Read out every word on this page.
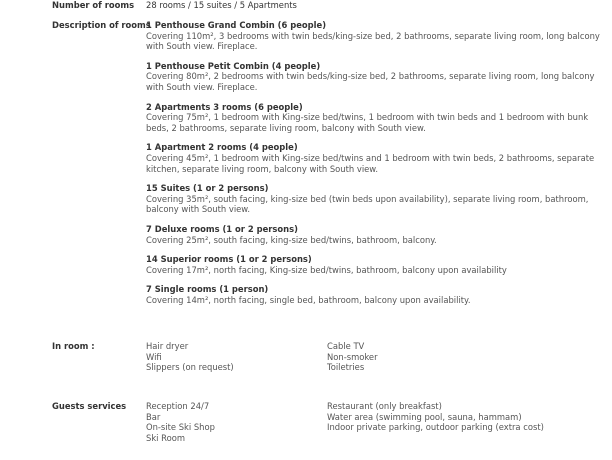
Number of rooms 28 rooms / 15 suites / 5 Apartments
Description of rooms
1 Penthouse Grand Combin (6 people)
Covering 110m², 3 bedrooms with twin beds/king-size bed, 2 bathrooms, separate living room, long balcony with South view. Fireplace.
1 Penthouse Petit Combin (4 people)
Covering 80m², 2 bedrooms with twin beds/king-size bed, 2 bathrooms, separate living room, long balcony with South view. Fireplace.
2 Apartments 3 rooms (6 people)
Covering 75m², 1 bedroom with King-size bed/twins, 1 bedroom with twin beds and 1 bedroom with bunk beds, 2 bathrooms, separate living room, balcony with South view.
1 Apartment 2 rooms (4 people)
Covering 45m², 1 bedroom with King-size bed/twins and 1 bedroom with twin beds, 2 bathrooms, separate kitchen, separate living room, balcony with South view.
15 Suites (1 or 2 persons)
Covering 35m², south facing, king-size bed (twin beds upon availability), separate living room, bathroom, balcony with South view.
7 Deluxe rooms (1 or 2 persons)
Covering 25m², south facing, king-size bed/twins, bathroom, balcony.
14 Superior rooms (1 or 2 persons)
Covering 17m², north facing, King-size bed/twins, bathroom, balcony upon availability
7 Single rooms (1 person)
Covering 14m², north facing, single bed, bathroom, balcony upon availability.
In room :	Hair dryer
Wifi
Slippers (on request)
Cable TV
Non-smoker
Toiletries
Guests services Reception 24/7
Bar
On-site Ski Shop
Ski Room
Restaurant (only breakfast)
Water area (swimming pool, sauna, hammam)
Indoor private parking, outdoor parking (extra cost)
